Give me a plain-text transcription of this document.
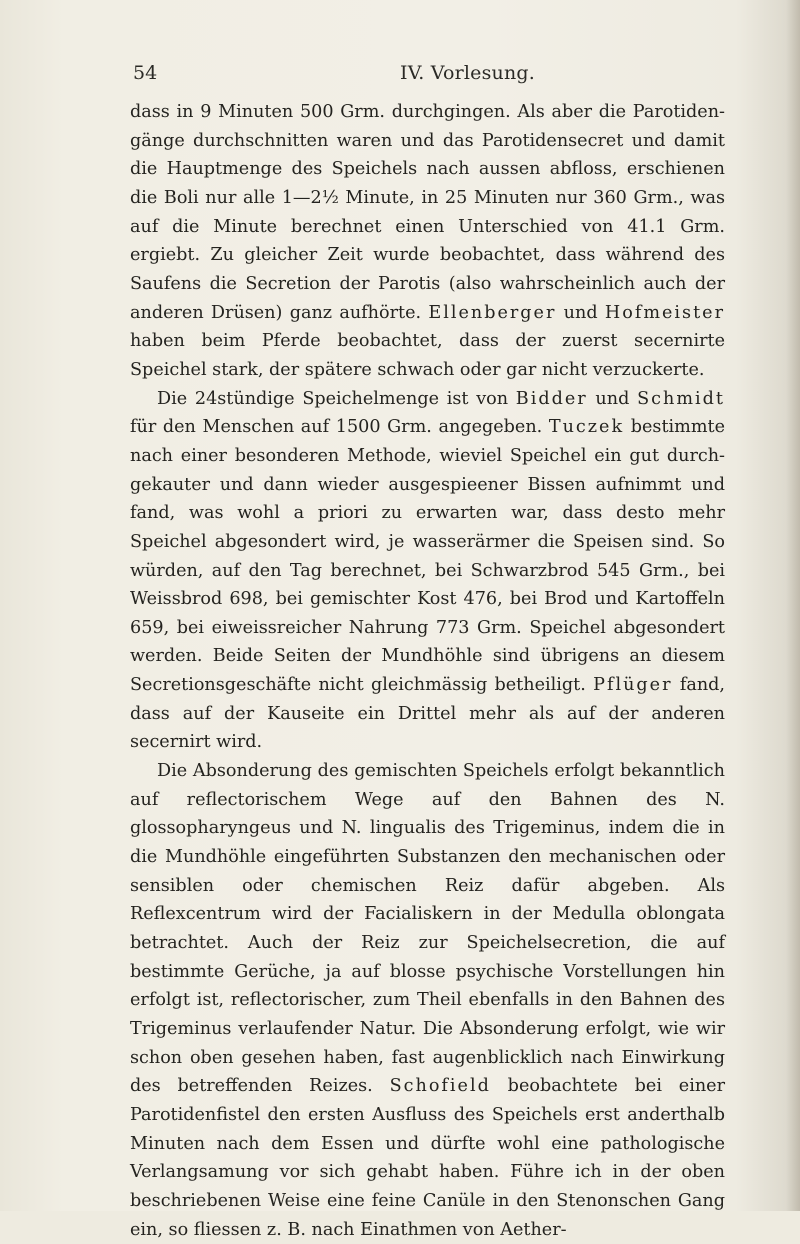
54	IV. Vorlesung.

dass in 9 Minuten 500 Grm. durchgingen. Als aber die Parotidengänge durchschnitten waren und das Parotidensecret und damit die Hauptmenge des Speichels nach aussen abfloss, erschienen die Boli nur alle 1—2½ Minute, in 25 Minuten nur 360 Grm., was auf die Minute berechnet einen Unterschied von 41.1 Grm. ergiebt. Zu gleicher Zeit wurde beobachtet, dass während des Saufens die Secretion der Parotis (also wahrscheinlich auch der anderen Drüsen) ganz aufhörte. Ellenberger und Hofmeister haben beim Pferde beobachtet, dass der zuerst secernirte Speichel stark, der spätere schwach oder gar nicht verzuckerte.

Die 24stündige Speichelmenge ist von Bidder und Schmidt für den Menschen auf 1500 Grm. angegeben. Tuczek bestimmte nach einer besonderen Methode, wieviel Speichel ein gut durchgekauter und dann wieder ausgespieener Bissen aufnimmt und fand, was wohl a priori zu erwarten war, dass desto mehr Speichel abgesondert wird, je wasserärmer die Speisen sind. So würden, auf den Tag berechnet, bei Schwarzbrod 545 Grm., bei Weissbrod 698, bei gemischter Kost 476, bei Brod und Kartoffeln 659, bei eiweissreicher Nahrung 773 Grm. Speichel abgesondert werden. Beide Seiten der Mundhöhle sind übrigens an diesem Secretionsgeschäfte nicht gleichmässig betheiligt. Pflüger fand, dass auf der Kauseite ein Drittel mehr als auf der anderen secernirt wird.

Die Absonderung des gemischten Speichels erfolgt bekanntlich auf reflectorischem Wege auf den Bahnen des N. glossopharyngeus und N. lingualis des Trigeminus, indem die in die Mundhöhle eingeführten Substanzen den mechanischen oder sensiblen oder chemischen Reiz dafür abgeben. Als Reflexcentrum wird der Facialiskern in der Medulla oblongata betrachtet. Auch der Reiz zur Speichelsecretion, die auf bestimmte Gerüche, ja auf blosse psychische Vorstellungen hin erfolgt ist, reflectorischer, zum Theil ebenfalls in den Bahnen des Trigeminus verlaufender Natur. Die Absonderung erfolgt, wie wir schon oben gesehen haben, fast augenblicklich nach Einwirkung des betreffenden Reizes. Schofield beobachtete bei einer Parotidenfistel den ersten Ausfluss des Speichels erst anderthalb Minuten nach dem Essen und dürfte wohl eine pathologische Verlangsamung vor sich gehabt haben. Führe ich in der oben beschriebenen Weise eine feine Canüle in den Stenonschen Gang ein, so fliessen z. B. nach Einathmen von Aether-
